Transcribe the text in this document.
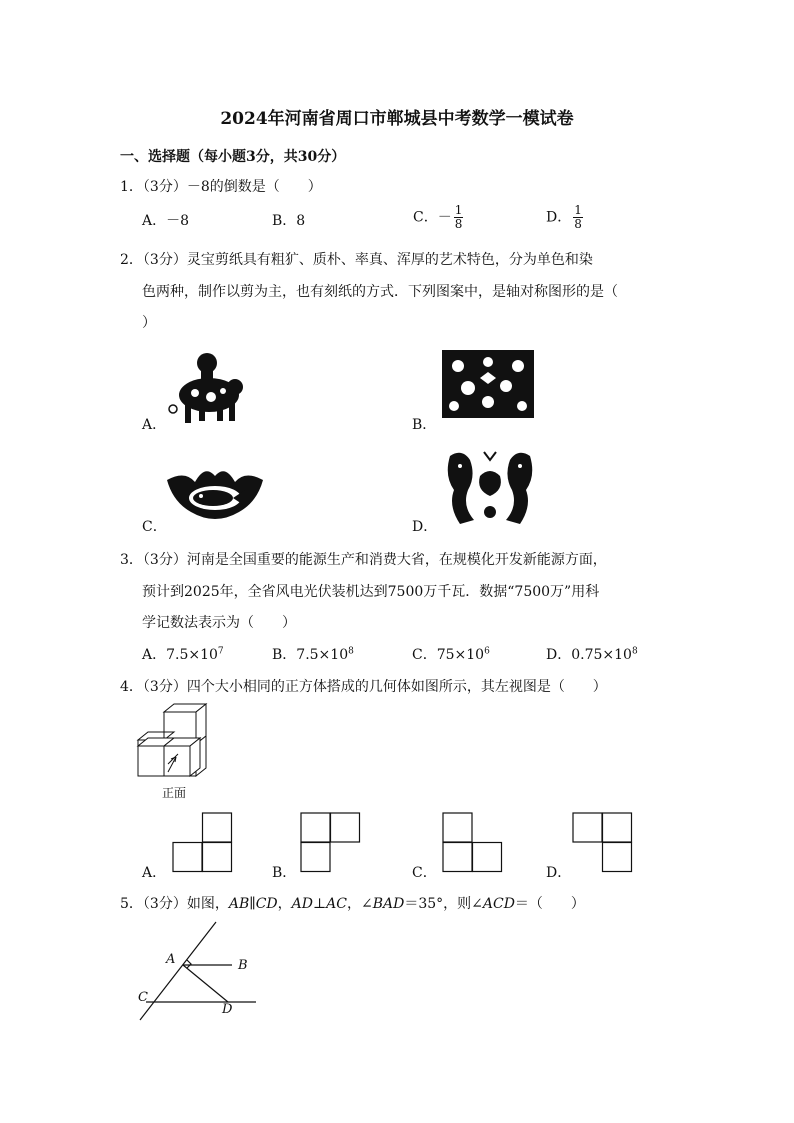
2024年河南省周口市郸城县中考数学一模试卷
一、选择题（每小题3分，共30分）
1．（3分）－8的倒数是（　　）
A．－8	B．8	C．－ $\frac{1}{8}$	D． $\frac{1}{8}$
2．（3分）灵宝剪纸具有粗犷、质朴、率真、浑厚的艺术特色，分为单色和染
色两种，制作以剪为主，也有刻纸的方式．下列图案中，是轴对称图形的是（
）
A．	B．
C．	D．
3．（3分）河南是全国重要的能源生产和消费大省，在规模化开发新能源方面，
预计到2025年，全省风电光伏装机达到7500万千瓦．数据“7500万”用科
学记数法表示为（　　）
A．$7.5\times 10^7$	B．$7.5\times 10^8$	C．$75\times 10^6$	D．$0.75\times 10^8$
4．（3分）四个大小相同的正方体搭成的几何体如图所示，其左视图是（　　）
正面
A．	B．	C．	D．
5．（3分）如图，AB∥CD，AD⊥AC，∠BAD＝35°，则∠ACD＝（　　）
A	B
C
D
